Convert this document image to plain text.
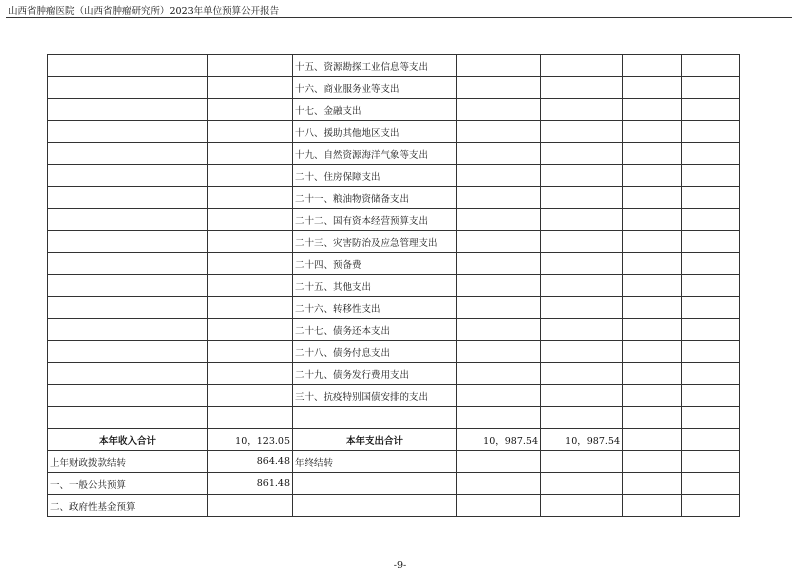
山西省肿瘤医院（山西省肿瘤研究所）2023年单位预算公开报告
		十五、资源勘探工业信息等支出				
		十六、商业服务业等支出				
		十七、金融支出				
		十八、援助其他地区支出				
		十九、自然资源海洋气象等支出				
		二十、住房保障支出				
		二十一、粮油物资储备支出				
		二十二、国有资本经营预算支出				
		二十三、灾害防治及应急管理支出				
		二十四、预备费				
		二十五、其他支出				
		二十六、转移性支出				
		二十七、债务还本支出				
		二十八、债务付息支出				
		二十九、债务发行费用支出				
		三十、抗疫特别国债安排的支出				

本年收入合计	10，123.05	本年支出合计	10，987.54	10，987.54		
上年财政拨款结转	864.48	年终结转				
一、一般公共预算	861.48					
二、政府性基金预算						
-9-
